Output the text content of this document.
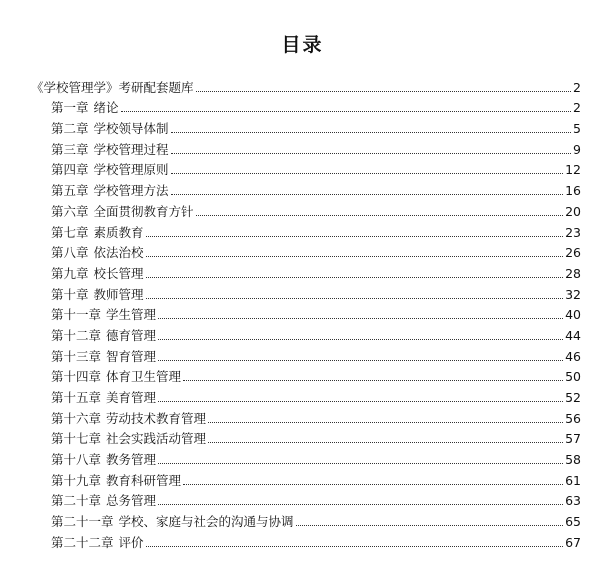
目录
《学校管理学》考研配套题库	2
第一章 绪论	2
第二章 学校领导体制	5
第三章 学校管理过程	9
第四章 学校管理原则	12
第五章 学校管理方法	16
第六章 全面贯彻教育方针	20
第七章 素质教育	23
第八章 依法治校	26
第九章 校长管理	28
第十章 教师管理	32
第十一章 学生管理	40
第十二章 德育管理	44
第十三章 智育管理	46
第十四章 体育卫生管理	50
第十五章 美育管理	52
第十六章 劳动技术教育管理	56
第十七章 社会实践活动管理	57
第十八章 教务管理	58
第十九章 教育科研管理	61
第二十章 总务管理	63
第二十一章 学校、家庭与社会的沟通与协调	65
第二十二章 评价	67
